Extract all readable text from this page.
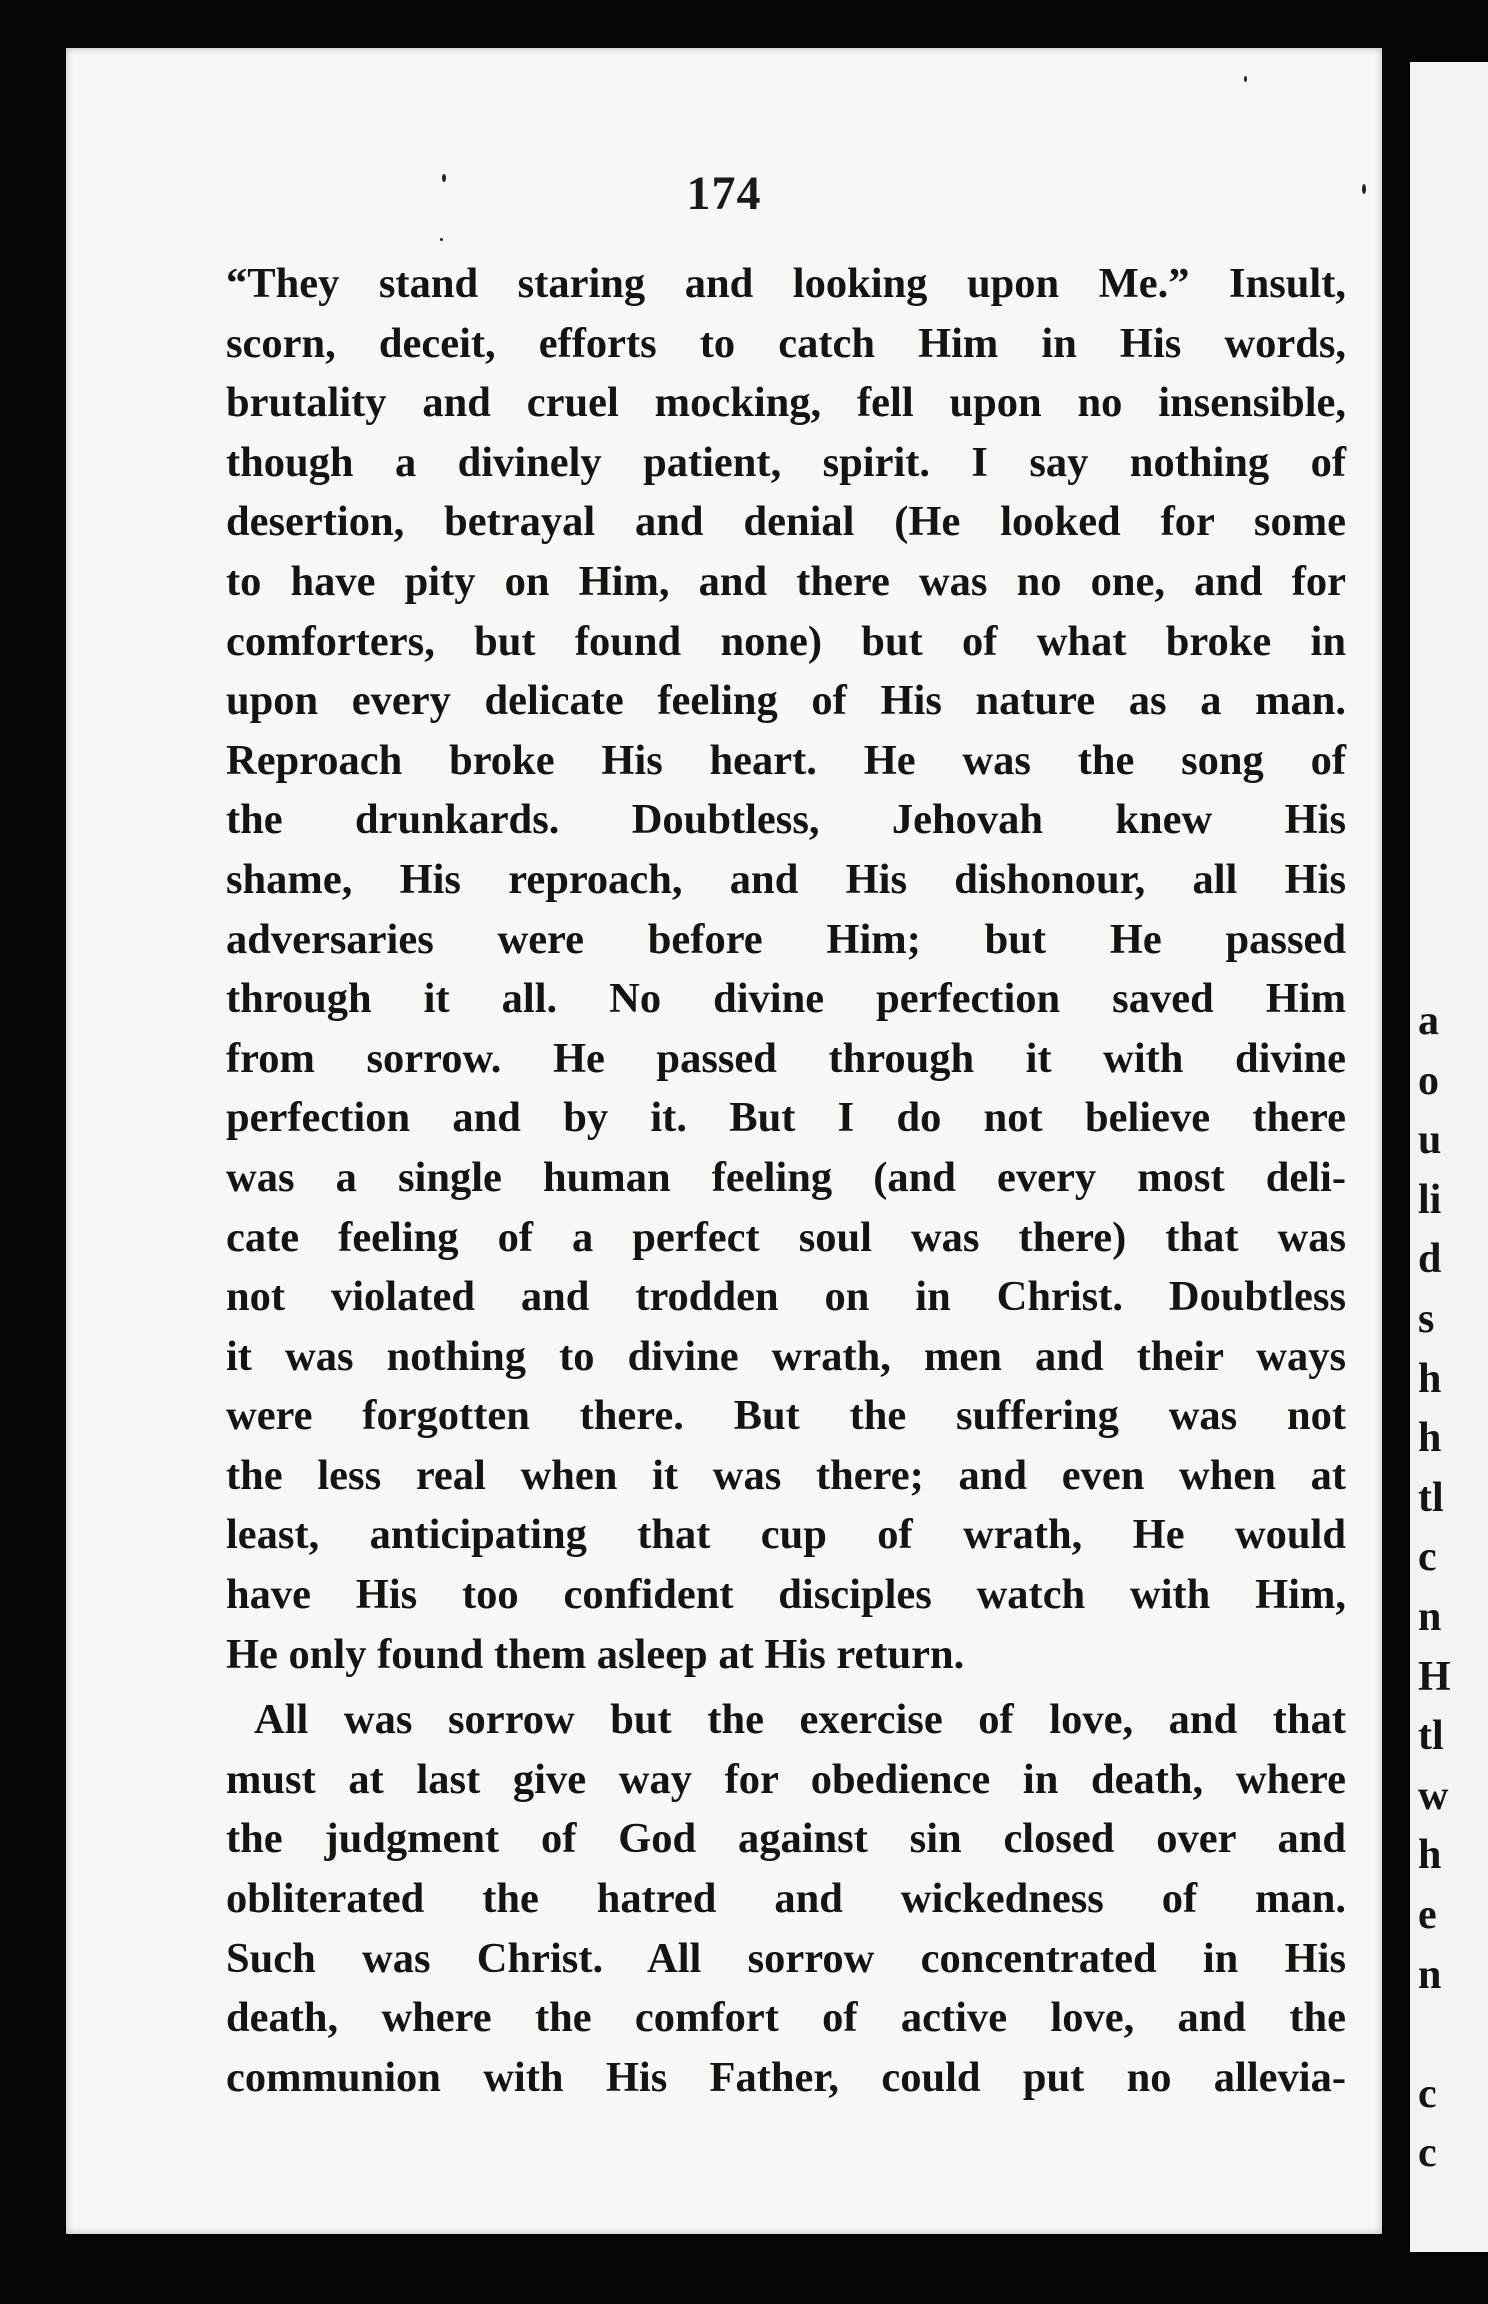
174
“They stand staring and looking upon Me.” Insult,
scorn, deceit, efforts to catch Him in His words,
brutality and cruel mocking, fell upon no insensible,
though a divinely patient, spirit. I say nothing of
desertion, betrayal and denial (He looked for some
to have pity on Him, and there was no one, and for
comforters, but found none) but of what broke in
upon every delicate feeling of His nature as a man.
Reproach broke His heart. He was the song of
the drunkards. Doubtless, Jehovah knew His
shame, His reproach, and His dishonour, all His
adversaries were before Him; but He passed
through it all. No divine perfection saved Him
from sorrow. He passed through it with divine
perfection and by it. But I do not believe there
was a single human feeling (and every most deli-
cate feeling of a perfect soul was there) that was
not violated and trodden on in Christ. Doubtless
it was nothing to divine wrath, men and their ways
were forgotten there. But the suffering was not
the less real when it was there; and even when at
least, anticipating that cup of wrath, He would
have His too confident disciples watch with Him,
He only found them asleep at His return.
All was sorrow but the exercise of love, and that
must at last give way for obedience in death, where
the judgment of God against sin closed over and
obliterated the hatred and wickedness of man.
Such was Christ. All sorrow concentrated in His
death, where the comfort of active love, and the
communion with His Father, could put no allevia-
a
o
u
li
d
s
h
h
tl
c
n
H
tl
w
h
e
n
c
c
